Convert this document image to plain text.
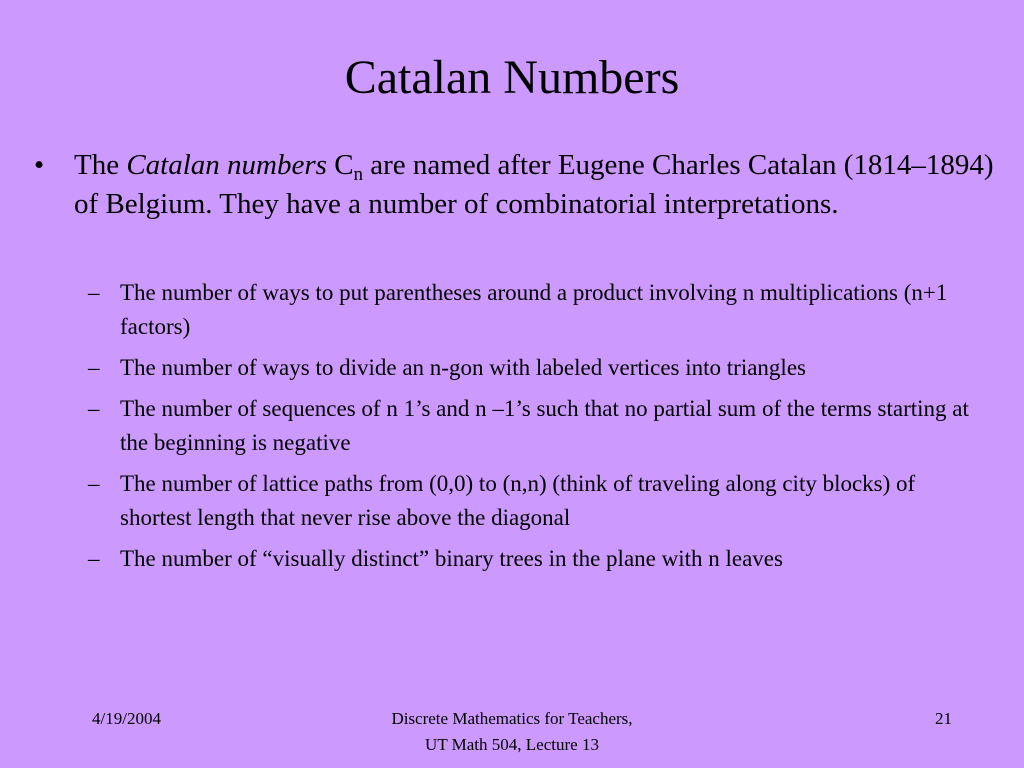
Catalan Numbers
• The Catalan numbers $C_n$ are named after Eugene Charles Catalan (1814–1894) of Belgium. They have a number of combinatorial interpretations.
– The number of ways to put parentheses around a product involving n multiplications (n+1 factors)
– The number of ways to divide an n-gon with labeled vertices into triangles
– The number of sequences of n 1’s and n –1’s such that no partial sum of the terms starting at the beginning is negative
– The number of lattice paths from (0,0) to (n,n) (think of traveling along city blocks) of shortest length that never rise above the diagonal
– The number of “visually distinct” binary trees in the plane with n leaves
4/19/2004	Discrete Mathematics for Teachers,
UT Math 504, Lecture 13
21
